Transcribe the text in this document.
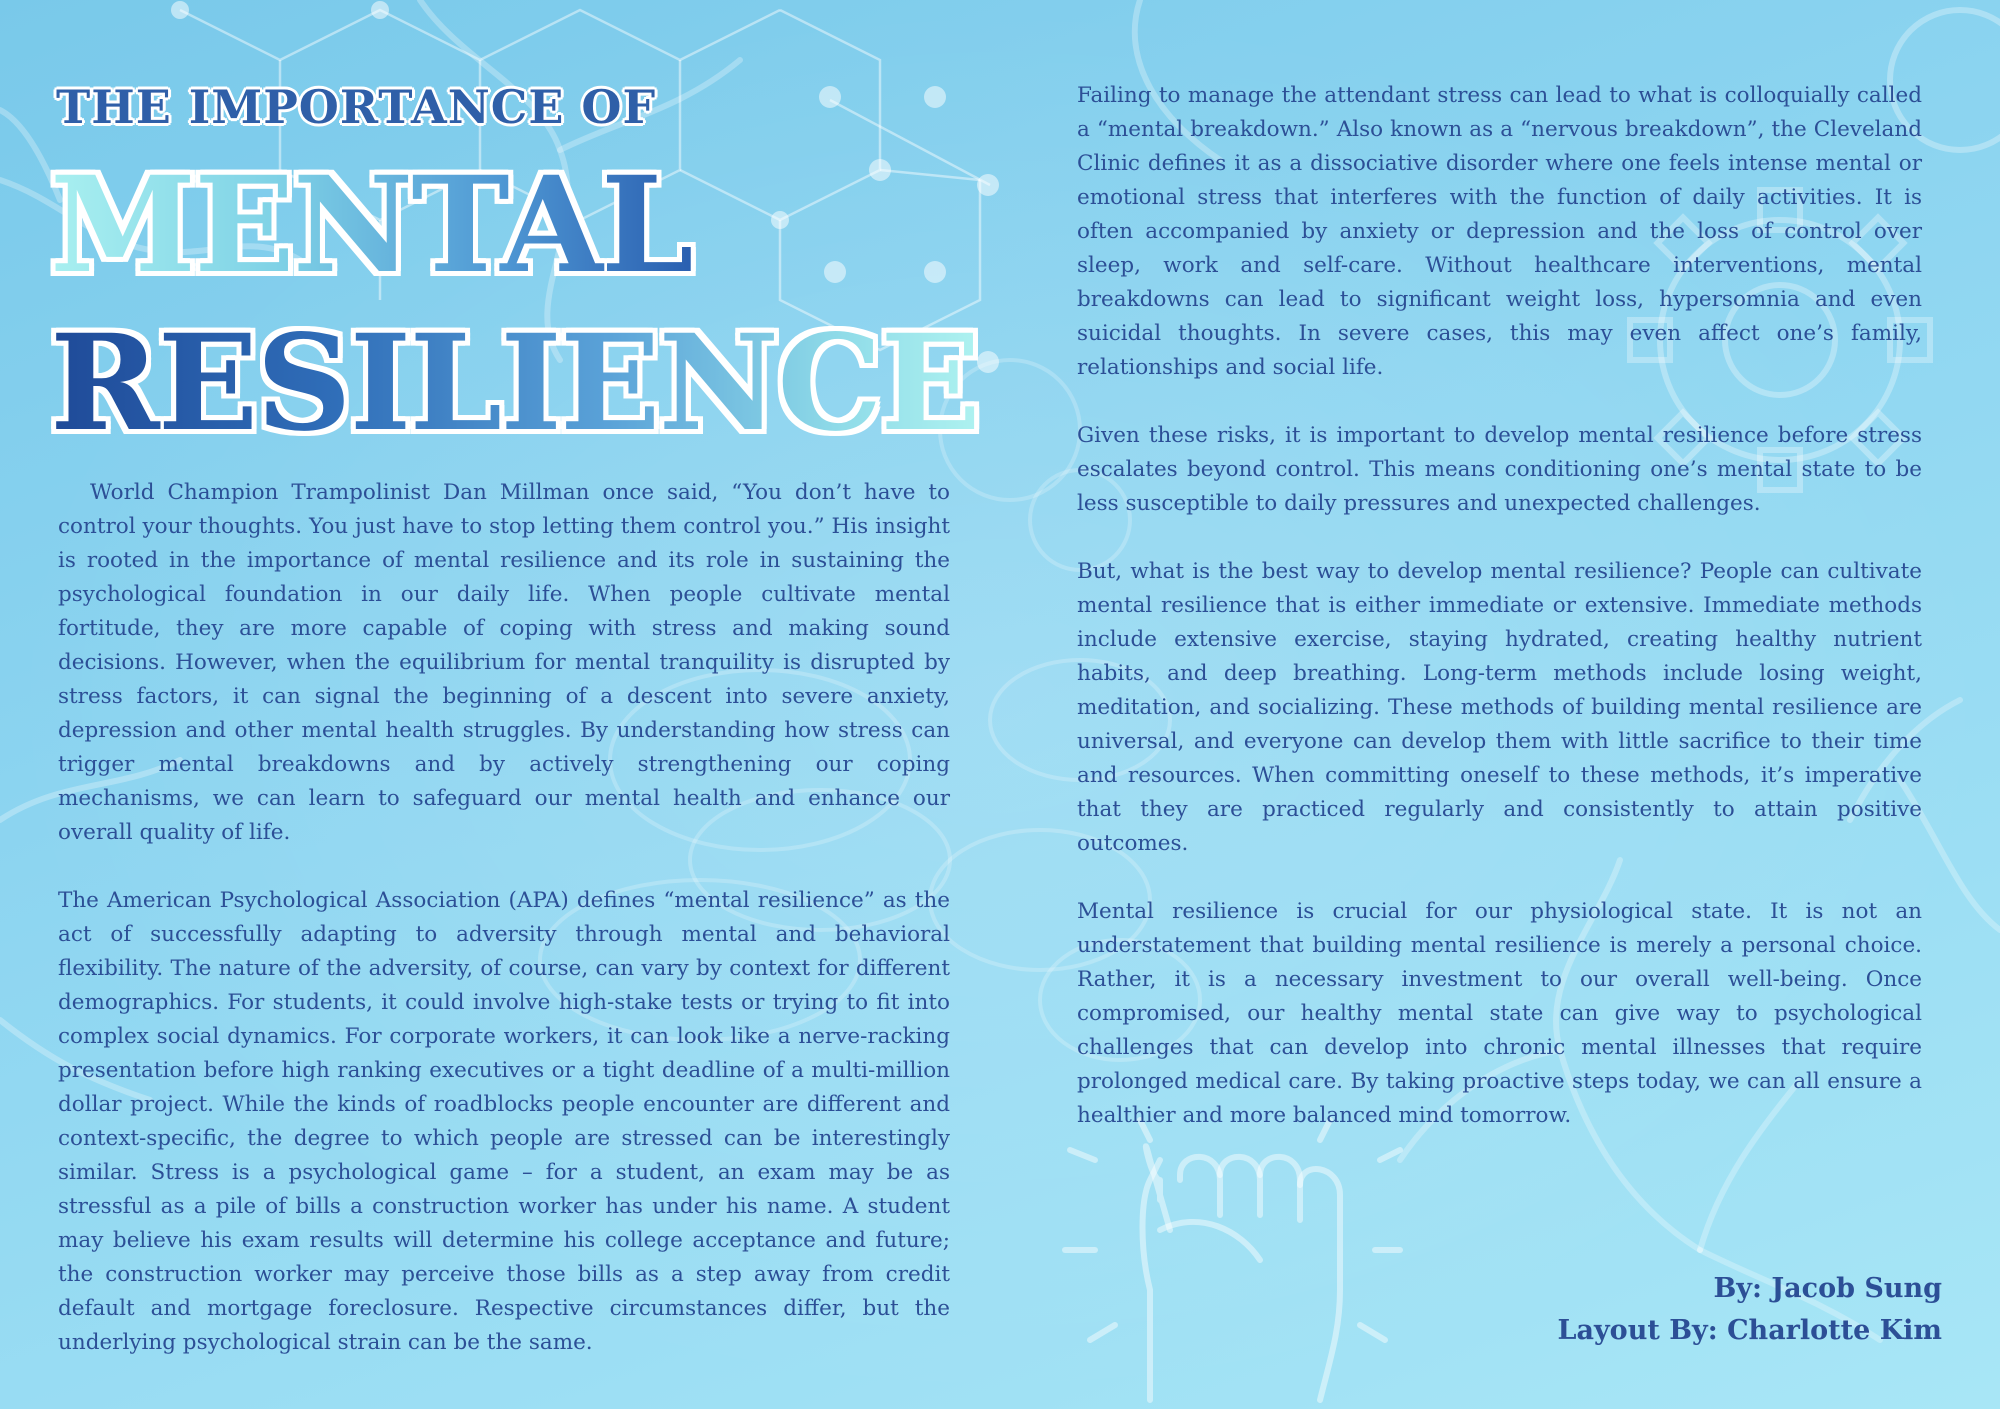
THE IMPORTANCE OF
MENTAL
RESILIENCE

World Champion Trampolinist Dan Millman once said, “You don’t have to control your thoughts. You just have to stop letting them control you.” His insight is rooted in the importance of mental resilience and its role in sustaining the psychological foundation in our daily life. When people cultivate mental fortitude, they are more capable of coping with stress and making sound decisions. However, when the equilibrium for mental tranquility is disrupted by stress factors, it can signal the beginning of a descent into severe anxiety, depression and other mental health struggles. By understanding how stress can trigger mental breakdowns and by actively strengthening our coping mechanisms, we can learn to safeguard our mental health and enhance our overall quality of life.

The American Psychological Association (APA) defines “mental resilience” as the act of successfully adapting to adversity through mental and behavioral flexibility. The nature of the adversity, of course, can vary by context for different demographics. For students, it could involve high-stake tests or trying to fit into complex social dynamics. For corporate workers, it can look like a nerve-racking presentation before high ranking executives or a tight deadline of a multi-million dollar project. While the kinds of roadblocks people encounter are different and context-specific, the degree to which people are stressed can be interestingly similar. Stress is a psychological game – for a student, an exam may be as stressful as a pile of bills a construction worker has under his name. A student may believe his exam results will determine his college acceptance and future; the construction worker may perceive those bills as a step away from credit default and mortgage foreclosure. Respective circumstances differ, but the underlying psychological strain can be the same.

Failing to manage the attendant stress can lead to what is colloquially called a “mental breakdown.” Also known as a “nervous breakdown”, the Cleveland Clinic defines it as a dissociative disorder where one feels intense mental or emotional stress that interferes with the function of daily activities. It is often accompanied by anxiety or depression and the loss of control over sleep, work and self-care. Without healthcare interventions, mental breakdowns can lead to significant weight loss, hypersomnia and even suicidal thoughts. In severe cases, this may even affect one’s family, relationships and social life.

Given these risks, it is important to develop mental resilience before stress escalates beyond control. This means conditioning one’s mental state to be less susceptible to daily pressures and unexpected challenges.

But, what is the best way to develop mental resilience? People can cultivate mental resilience that is either immediate or extensive. Immediate methods include extensive exercise, staying hydrated, creating healthy nutrient habits, and deep breathing. Long-term methods include losing weight, meditation, and socializing. These methods of building mental resilience are universal, and everyone can develop them with little sacrifice to their time and resources. When committing oneself to these methods, it’s imperative that they are practiced regularly and consistently to attain positive outcomes.

Mental resilience is crucial for our physiological state. It is not an understatement that building mental resilience is merely a personal choice. Rather, it is a necessary investment to our overall well-being. Once compromised, our healthy mental state can give way to psychological challenges that can develop into chronic mental illnesses that require prolonged medical care. By taking proactive steps today, we can all ensure a healthier and more balanced mind tomorrow.

By: Jacob Sung
Layout By: Charlotte Kim
